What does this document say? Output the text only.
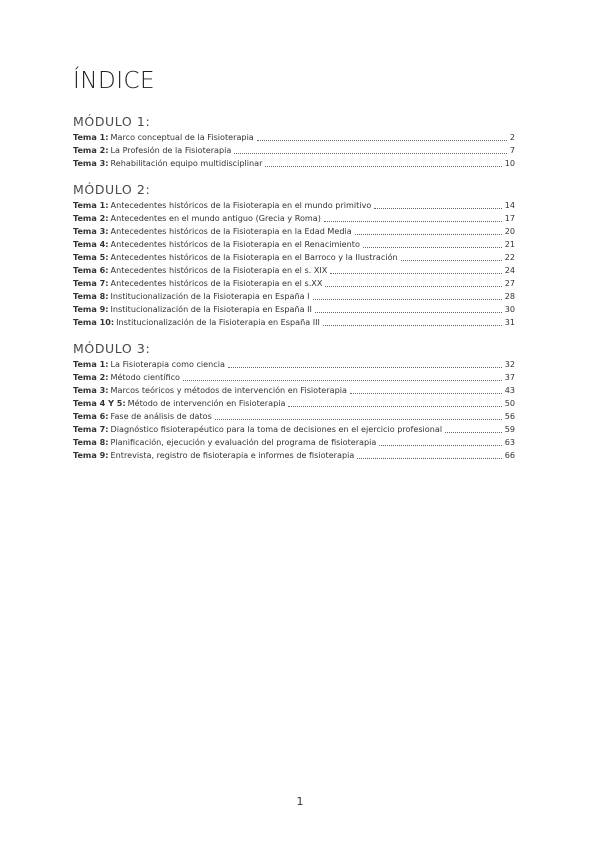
ÍNDICE
MÓDULO 1:
Tema 1: Marco conceptual de la Fisioterapia	2
Tema 2: La Profesión de la Fisioterapia	7
Tema 3: Rehabilitación equipo multidisciplinar	10
MÓDULO 2:
Tema 1: Antecedentes históricos de la Fisioterapia en el mundo primitivo	14
Tema 2: Antecedentes en el mundo antiguo (Grecia y Roma)	17
Tema 3: Antecedentes históricos de la Fisioterapia en la Edad Media	20
Tema 4: Antecedentes históricos de la Fisioterapia en el Renacimiento	21
Tema 5: Antecedentes históricos de la Fisioterapia en el Barroco y la Ilustración	22
Tema 6: Antecedentes históricos de la Fisioterapia en el s. XIX	24
Tema 7: Antecedentes históricos de la Fisioterapia en el s.XX	27
Tema 8: Institucionalización de la Fisioterapia en España I	28
Tema 9: Institucionalización de la Fisioterapia en España II	30
Tema 10: Institucionalización de la Fisioterapia en España III	31
MÓDULO 3:
Tema 1: La Fisioterapia como ciencia	32
Tema 2: Método científico	37
Tema 3: Marcos teóricos y métodos de intervención en Fisioterapia	43
Tema 4 Y 5: Método de intervención en Fisioterapia	50
Tema 6: Fase de análisis de datos	56
Tema 7: Diagnóstico fisioterapéutico para la toma de decisiones en el ejercicio profesional	59
Tema 8: Planificación, ejecución y evaluación del programa de fisioterapia	63
Tema 9: Entrevista, registro de fisioterapia e informes de fisioterapia	66
1
